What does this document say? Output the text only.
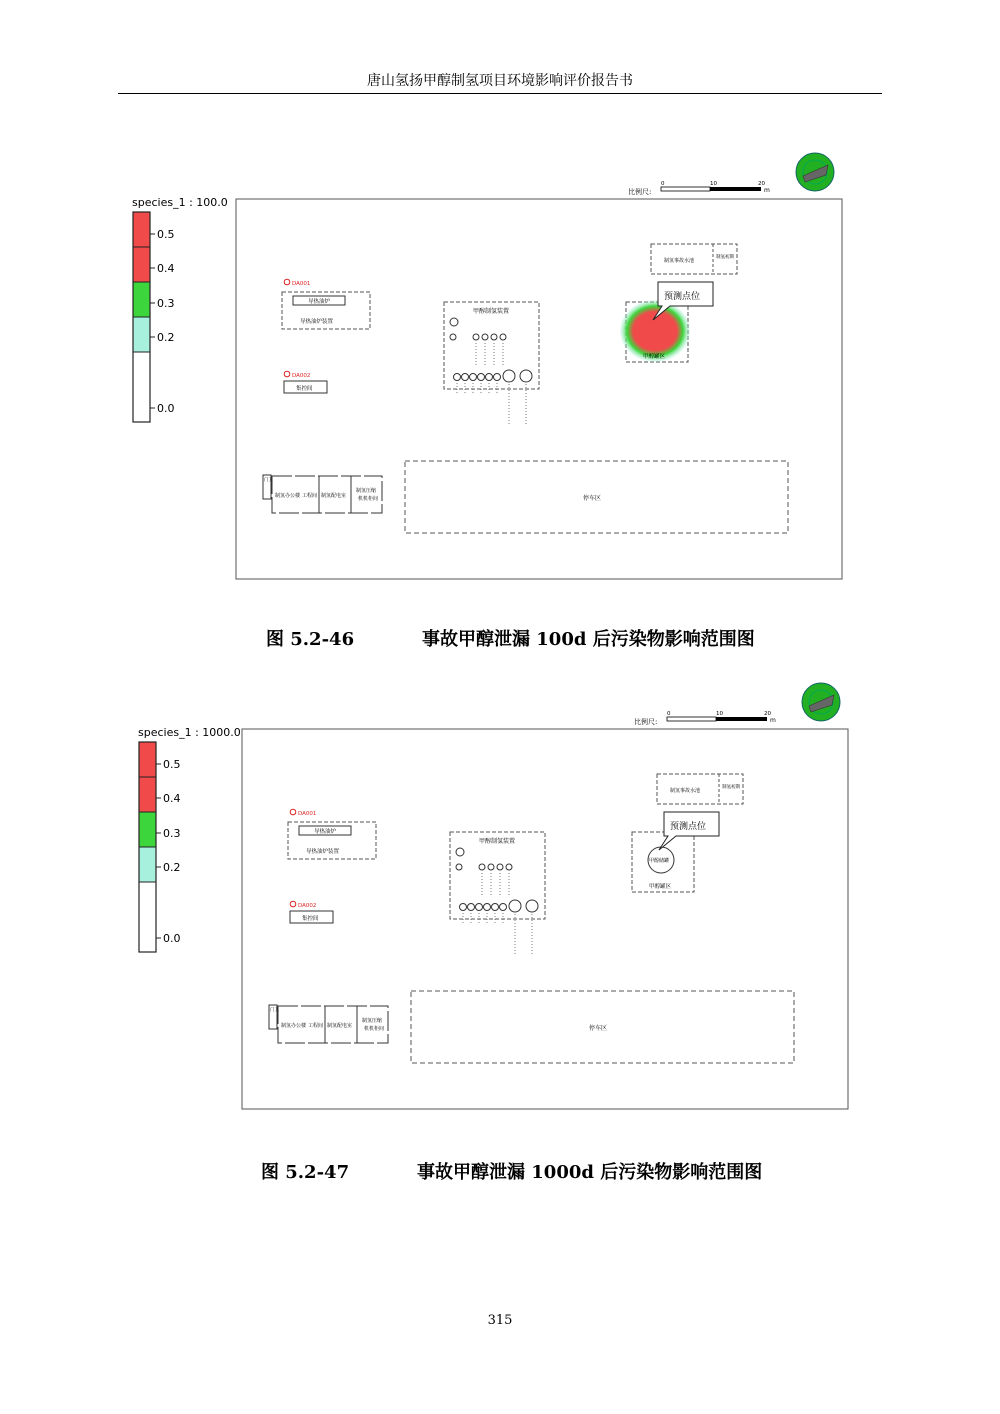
唐山氢扬甲醇制氢项目环境影响评价报告书
species_1 : 100.0
0.5
0.4
0.3
0.2
0.0
比例尺:
0	10	20
m
DA001
导热油炉
导热油炉装置
DA002
集控间
甲醇制氢装置
制氢事故水池
制氢初期
甲醇罐区
预测点位
停车区
门卫
制氢办公楼 工程间 制氢配电室
制氢压缩
机机柜间
图 5.2-46	事故甲醇泄漏 100d 后污染物影响范围图
species_1 : 1000.0
0.5
0.4
0.3
0.2
0.0
比例尺:
0	10	20
m
DA001
导热油炉
导热油炉装置
DA002
集控间
甲醇制氢装置
制氢事故水池
制氢初期
甲醇储罐
甲醇罐区
预测点位
停车区
门卫
制氢办公楼 工程间 制氢配电室
制氢压缩
机机柜间
图 5.2-47	事故甲醇泄漏 1000d 后污染物影响范围图
315
